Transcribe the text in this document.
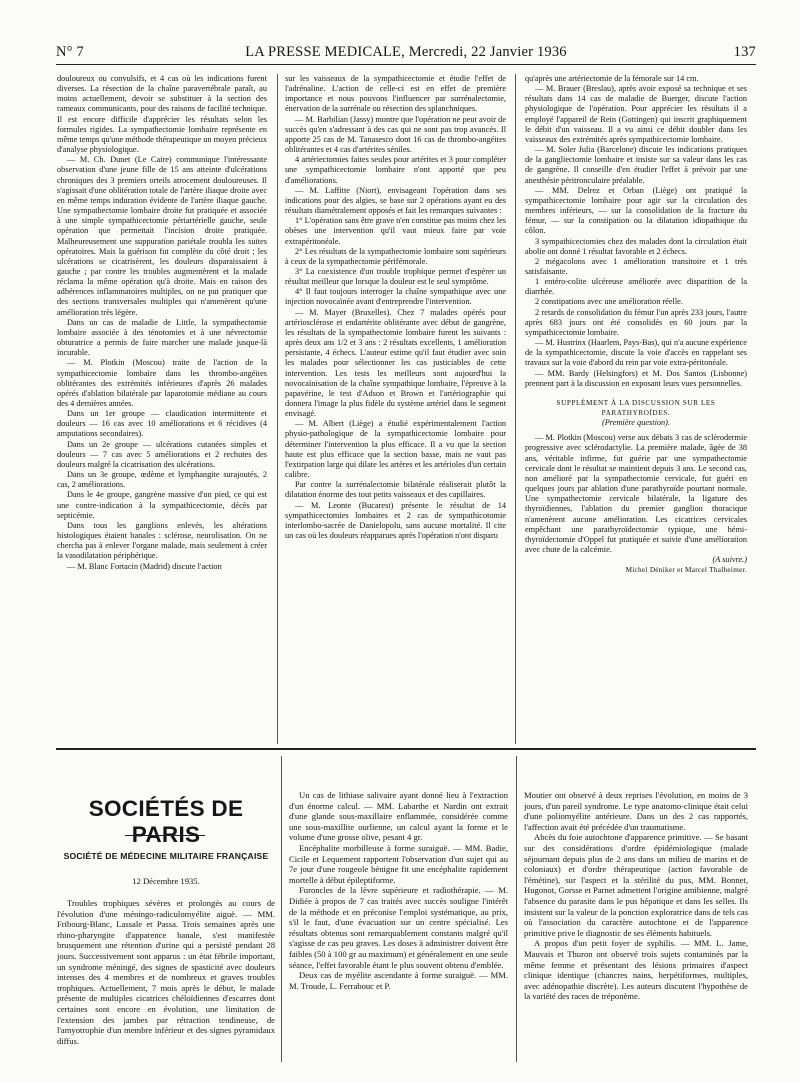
N° 7	LA PRESSE MEDICALE, Mercredi, 22 Janvier 1936	137

douloureux ou convulsifs, et 4 cas où les indications furent diverses. La résection de la chaîne paravertébrale paraît, au moins actuellement, devoir se substituer à la section des rameaux communicants, pour des raisons de facilité technique. Il est encore difficile d'apprécier les résultats selon les formules rigides. La sympathectomie lombaire représente en même temps qu'une méthode thérapeutique un moyen précieux d'analyse physiologique.

— M. Ch. Dunet (Le Caire) communique l'intéressante observation d'une jeune fille de 15 ans atteinte d'ulcérations chroniques des 3 premiers orteils atrocement douloureuses. Il s'agissait d'une oblitération totale de l'artère iliaque droite avec en même temps induration évidente de l'artère iliaque gauche. Une sympathectomie lombaire droite fut pratiquée et associée à une simple sympathicectomie périartérielle gauche, seule opération que permettait l'incision droite pratiquée. Malheureusement une suppuration pariétale troubla les suites opératoires. Mais la guérison fut complète du côté droit ; les ulcérations se cicatrisèrent, les douleurs disparaissaient à gauche ; par contre les troubles augmentèrent et la malade réclama la même opération qu'à droite. Mais en raison des adhérences inflammatoires multiples, on ne put pratiquer que des sections transversales multiples qui n'amenèrent qu'une amélioration très légère.

Dans un cas de maladie de Little, la sympathectomie lombaire associée à des ténotomies et à une névrectomie obturatrice a permis de faire marcher une malade jusque-là incurable.

— M. Plotkin (Moscou) traite de l'action de la sympathicectomie lombaire dans les thrombo-angéites oblitérantes des extrémités inférieures d'après 26 malades opérés d'ablation bilatérale par laparotomie médiane au cours des 4 dernières années.

Dans un 1er groupe — claudication intermittente et douleurs — 16 cas avec 10 améliorations et 6 récidives (4 amputations secondaires).

Dans un 2e groupe — ulcérations cutanées simples et douleurs — 7 cas avec 5 améliorations et 2 rechutes des douleurs malgré la cicatrisation des ulcérations.

Dans un 3e groupe, œdème et lymphangite surajoutés, 2 cas, 2 améliorations.

Dans le 4e groupe, gangrène massive d'un pied, ce qui est une contre-indication à la sympathicectomie, décès par septicémie.

Dans tous les ganglions enlevés, les altérations histologiques étaient banales : sclérose, neurolisation. On ne chercha pas à enlever l'organe malade, mais seulement à créer la vasodilatation périphérique.

— M. Blanc Fortacin (Madrid) discute l'action

sur les vaisseaux de la sympathicectomie et étudie l'effet de l'adrénaline. L'action de celle-ci est en effet de première importance et nous pouvons l'influencer par surrénalectomie, énervation de la surrénale ou résection des splanchniques.

— M. Barbilian (Jassy) montre que l'opération ne peut avoir de succès qu'en s'adressant à des cas qui ne sont pas trop avancés. Il apporte 25 cas de M. Tanasesco dont 16 cas de thrombo-angéites oblitérantes et 4 cas d'artérites séniles.

4 artériectomies faites seules pour artérites et 3 pour compléter une sympathicectomie lombaire n'ont apporté que peu d'améliorations.

— M. Laffitte (Niort), envisageant l'opération dans ses indications pour des algies, se base sur 2 opérations ayant eu des résultats diamétralement opposés et fait les remarques suivantes :

1° L'opération sans être grave n'en constitue pas moins chez les obèses une intervention qu'il vaut mieux faire par voie extrapéritonéale.

2° Les résultats de la sympathectomie lombaire sont supérieurs à ceux de la sympathectomie périfémorale.

3° La coexistence d'un trouble trophique permet d'espérer un résultat meilleur que lorsque la douleur est le seul symptôme.

4° Il faut toujours interroger la chaîne sympathique avec une injection novocaïnée avant d'entreprendre l'intervention.

— M. Mayer (Bruxelles). Chez 7 malades opérés pour artériosclérose et endartérite oblitérante avec début de gangrène, les résultats de la sympathectomie lombaire furent les suivants : après deux ans 1/2 et 3 ans : 2 résultats excellents, 1 amélioration persistante, 4 échecs. L'auteur estime qu'il faut étudier avec soin les malades pour sélectionner les cas justiciables de cette intervention. Les tests les meilleurs sont aujourd'hui la novocaïnisation de la chaîne sympathique lombaire, l'épreuve à la papavérine, le test d'Adson et Brown et l'artériographie qui donnera l'image la plus fidèle du système artériel dans le segment envisagé.

— M. Albert (Liège) a étudié expérimentalement l'action physio-pathologique de la sympathicectomie lombaire pour déterminer l'intervention la plus efficace. Il a vu que la section haute est plus efficace que la section basse, mais ne vaut pas l'extirpation large qui dilate les artères et les artérioles d'un certain calibre.

Par contre la surrénalectomie bilatérale réaliserait plutôt la dilatation énorme des tout petits vaisseaux et des capillaires.

— M. Leonte (Bucarest) présente le résultat de 14 sympathicectomies lombaires et 2 cas de sympathicotomie interlombo-sacrée de Danielopolu, sans aucune mortalité. Il cite un cas où les douleurs réapparues après l'opération n'ont disparu

qu'après une artériectomie de la fémorale sur 14 cm.

— M. Brauer (Breslau), après avoir exposé sa technique et ses résultats dans 14 cas de maladie de Buerger, discute l'action physiologique de l'opération. Pour apprécier les résultats il a employé l'appareil de Rein (Gottingen) qui inscrit graphiquement le débit d'un vaisseau. Il a vu ainsi ce débit doubler dans les vaisseaux des extrémités après sympathicectomie lombaire.

— M. Soler Julia (Barcelone) discute les indications pratiques de la gangliectomie lombaire et insiste sur sa valeur dans les cas de gangrène. Il conseille d'en étudier l'effet à prévoir par une anesthésie péritronculaire préalable.

— MM. Delrez et Orban (Liège) ont pratiqué la sympathicectomie lombaire pour agir sur la circulation des membres inférieurs, — sur la consolidation de la fracture du fémur, — sur la constipation ou la dilatation idiopathique du côlon.

3 sympathicectomies chez des malades dont la circulation était abolie ont donné 1 résultat favorable et 2 échecs.

2 mégacolons avec 1 amélioration transitoire et 1 très satisfaisante.

1 entéro-colite ulcéreuse améliorée avec disparition de la diarrhée.

2 constipations avec une amélioration réelle.

2 retards de consolidation du fémur l'un après 233 jours, l'autre après 683 jours ont été consolidés en 60 jours par la sympathicectomie lombaire.

— M. Hustrinx (Haarlem, Pays-Bas), qui n'a aucune expérience de la sympathicectomie, discute la voie d'accès en rappelant ses travaux sur la voie d'abord du rein par voie extra-péritonéale.

— MM. Bardy (Helsingfors) et M. Dos Santos (Lisbonne) prennent part à la discussion en exposant leurs vues personnelles.

SUPPLÉMENT À LA DISCUSSION SUR LES PARATHYROÏDES.

(Première question).

— M. Plotkin (Moscou) verse aux débats 3 cas de sclérodermie progressive avec sclérodactylie. La première malade, âgée de 38 ans, véritable infirme, fut guérie par une sympathectomie cervicale dont le résultat se maintient depuis 3 ans. Le second cas, non amélioré par la sympathectomie cervicale, fut guéri en quelques jours par ablation d'une parathyroïde pourtant normale. Une sympathectomie cervicale bilatérale, la ligature des thyroïdiennes, l'ablation du premier ganglion thoracique n'amenèrent aucune amélioration. Les cicatrices cervicales empêchant une parathyroïdectomie typique, une hémi-thyroïdectomie d'Oppel fut pratiquée et suivie d'une amélioration avec chute de la calcémie.

(A suivre.)

Michel Déniker et Marcel Thalheimer.

SOCIÉTÉS DE PARIS
SOCIÉTÉ DE MÉDECINE MILITAIRE FRANÇAISE
12 Décembre 1935.

Troubles trophiques sévères et prolongés au cours de l'évolution d'une méningo-radiculomyélite aiguë. — MM. Fribourg-Blanc, Lassale et Passa. Trois semaines après une rhino-pharyngite d'apparence banale, s'est manifestée brusquement une rétention d'urine qui a persisté pendant 28 jours. Successivement sont apparus : un état fébrile important, un syndrome méningé, des signes de spasticité avec douleurs intenses des 4 membres et de nombreux et graves troubles trophiques. Actuellement, 7 mois après le début, le malade présente de multiples cicatrices chéloïdiennes d'escarres dont certaines sont encore en évolution, une limitation de l'extension des jambes par rétraction tendineuse, de l'amyotrophie d'un membre inférieur et des signes pyramidaux diffus.

Un cas de lithiase salivaire ayant donné lieu à l'extraction d'un énorme calcul. — MM. Labarthe et Nardin ont extrait d'une glande sous-maxillaire enflammée, considérée comme une sous-maxillite ourlienne, un calcul ayant la forme et le volume d'une grosse olive, pesant 4 gr.

Encéphalite morbilleuse à forme suraiguë. — MM. Badie, Cicile et Lequement rapportent l'observation d'un sujet qui au 7e jour d'une rougeole bénigne fit une encéphalite rapidement mortelle à début épileptiforme.

Furoncles de la lèvre supérieure et radiothérapie. — M. Didiée à propos de 7 cas traités avec succès souligne l'intérêt de la méthode et en préconise l'emploi systématique, au prix, s'il le faut, d'une évacuation sur un centre spécialisé. Les résultats obtenus sont remarquablement constants malgré qu'il s'agisse de cas peu graves. Les doses à administrer doivent être faibles (50 à 100 gr au maximum) et généralement en une seule séance, l'effet favorable étant le plus souvent obtenu d'emblée.

Deux cas de myélite ascendante à forme suraiguë. — MM. M. Troude, L. Ferrabouc et P.

Moutier ont observé à deux reprises l'évolution, en moins de 3 jours, d'un pareil syndrome. Le type anatomo-clinique était celui d'une poliomyélite antérieure. Dans un des 2 cas rapportés, l'affection avait été précédée d'un traumatisme.

Abcès du foie autochtone d'apparence primitive. — Se basant sur des considérations d'ordre épidémiologique (malade séjournant depuis plus de 2 ans dans un milieu de marins et de coloniaux) et d'ordre thérapeutique (action favorable de l'émétine), sur l'aspect et la stérilité du pus, MM. Bonnet, Hugonot, Gorsse et Parnet admettent l'origine amibienne, malgré l'absence du parasite dans le pus hépatique et dans les selles. Ils insistent sur la valeur de la ponction exploratrice dans de tels cas où l'association du caractère autochtone et de l'apparence primitive prive le diagnostic de ses éléments habituels.

A propos d'un petit foyer de syphilis. — MM. L. Jame, Mauvais et Thuron ont observé trois sujets contaminés par la même femme et présentant des lésions primaires d'aspect clinique identique (chancres nains, herpétiformes, multiples, avec adénopathie discrète). Les auteurs discutent l'hypothèse de la variété des races de tréponème.
